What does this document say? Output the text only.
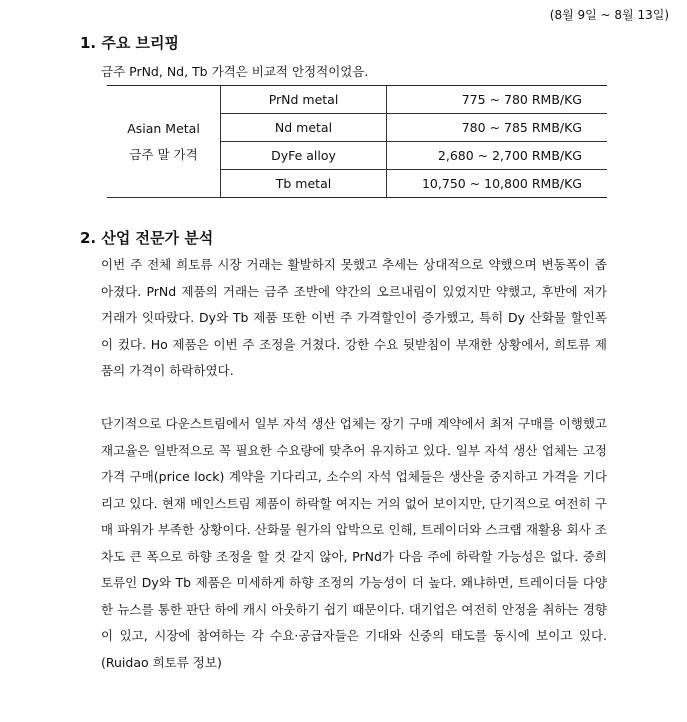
(8월 9일 ~ 8월 13일)
1. 주요 브리핑
금주 PrNd, Nd, Tb 가격은 비교적 안정적이었음.
Asian Metal
금주 말 가격	PrNd metal	775 ~ 780 RMB/KG
	Nd metal	780 ~ 785 RMB/KG
	DyFe alloy	2,680 ~ 2,700 RMB/KG
	Tb metal	10,750 ~ 10,800 RMB/KG
2. 산업 전문가 분석

이번 주 전체 희토류 시장 거래는 활발하지 못했고 추세는 상대적으로 약했으며 변동폭이 좁아졌다. PrNd 제품의 거래는 금주 조반에 약간의 오르내림이 있었지만 약했고, 후반에 저가 거래가 잇따랐다. Dy와 Tb 제품 또한 이번 주 가격할인이 증가했고, 특히 Dy 산화물 할인폭이 컸다. Ho 제품은 이번 주 조정을 거쳤다. 강한 수요 뒷받침이 부재한 상황에서, 희토류 제품의 가격이 하락하였다.

단기적으로 다운스트림에서 일부 자석 생산 업체는 장기 구매 계약에서 최저 구매를 이행했고 재고율은 일반적으로 꼭 필요한 수요량에 맞추어 유지하고 있다. 일부 자석 생산 업체는 고정가격 구매(price lock) 계약을 기다리고, 소수의 자석 업체들은 생산을 중지하고 가격을 기다리고 있다. 현재 메인스트림 제품이 하락할 여지는 거의 없어 보이지만, 단기적으로 여전히 구매 파워가 부족한 상황이다. 산화물 원가의 압박으로 인해, 트레이더와 스크랩 재활용 회사 조차도 큰 폭으로 하향 조정을 할 것 같지 않아, PrNd가 다음 주에 하락할 가능성은 없다. 중희토류인 Dy와 Tb 제품은 미세하게 하향 조정의 가능성이 더 높다. 왜냐하면, 트레이더들 다양한 뉴스를 통한 판단 하에 캐시 아웃하기 쉽기 때문이다. 대기업은 여전히 안정을 취하는 경향이 있고, 시장에 참여하는 각 수요·공급자들은 기대와 신중의 태도를 동시에 보이고 있다. (Ruidao 희토류 정보)
